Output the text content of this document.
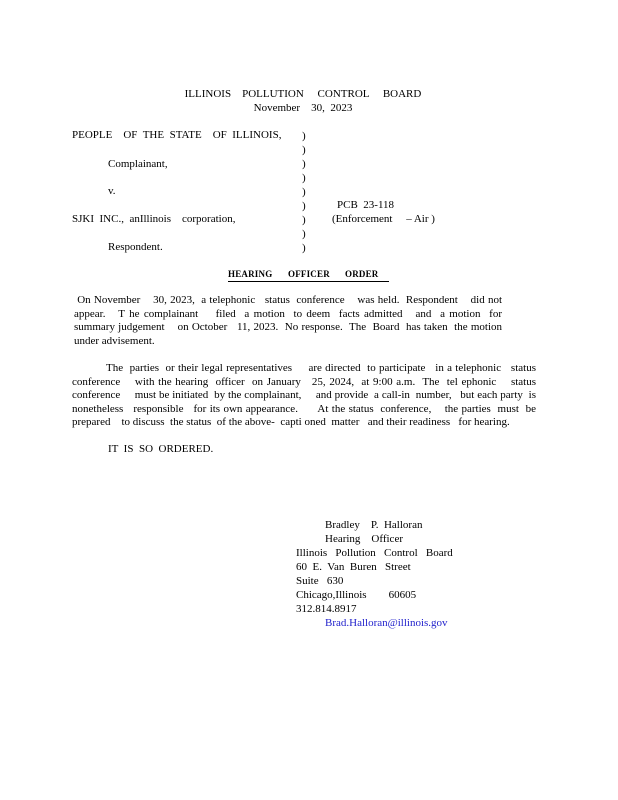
ILLINOIS    POLLUTION     CONTROL     BOARD
November    30,  2023
PEOPLE    OF  THE  STATE    OF  ILLINOIS,
Complainant,
v.
SJKI  INC.,  anIllinois    corporation,
Respondent.
)
)
)
)
)
)
)
)
)
PCB  23-118
(Enforcement     – Air )
HEARING OFFICER ORDER
On November    30, 2023,  a telephonic   status  conference    was held.  Respondent    did not appear.   T he complainant    filed  a motion  to deem  facts admitted   and  a motion  for summary judgement    on October   11, 2023.  No response.  The  Board  has taken  the motion   under advisement.
The  parties  or their legal representatives     are directed  to participate   in a telephonic   status conference    with the hearing  officer  on January   25, 2024,  at 9:00 a.m.  The  tel ephonic    status conference     must be initiated  by the complainant,     and provide  a call-in  number,   but each party  is nonetheless   responsible   for its own appearance.      At the status  conference,    the parties  must  be prepared    to discuss  the status  of the above-  capti oned  matter   and their readiness   for hearing.
IT  IS  SO  ORDERED.
Bradley    P.  Halloran
Hearing    Officer
Illinois   Pollution   Control   Board
60  E.  Van  Buren   Street
Suite   630
Chicago,Illinois        60605
312.814.8917
Brad.Halloran@illinois.gov
